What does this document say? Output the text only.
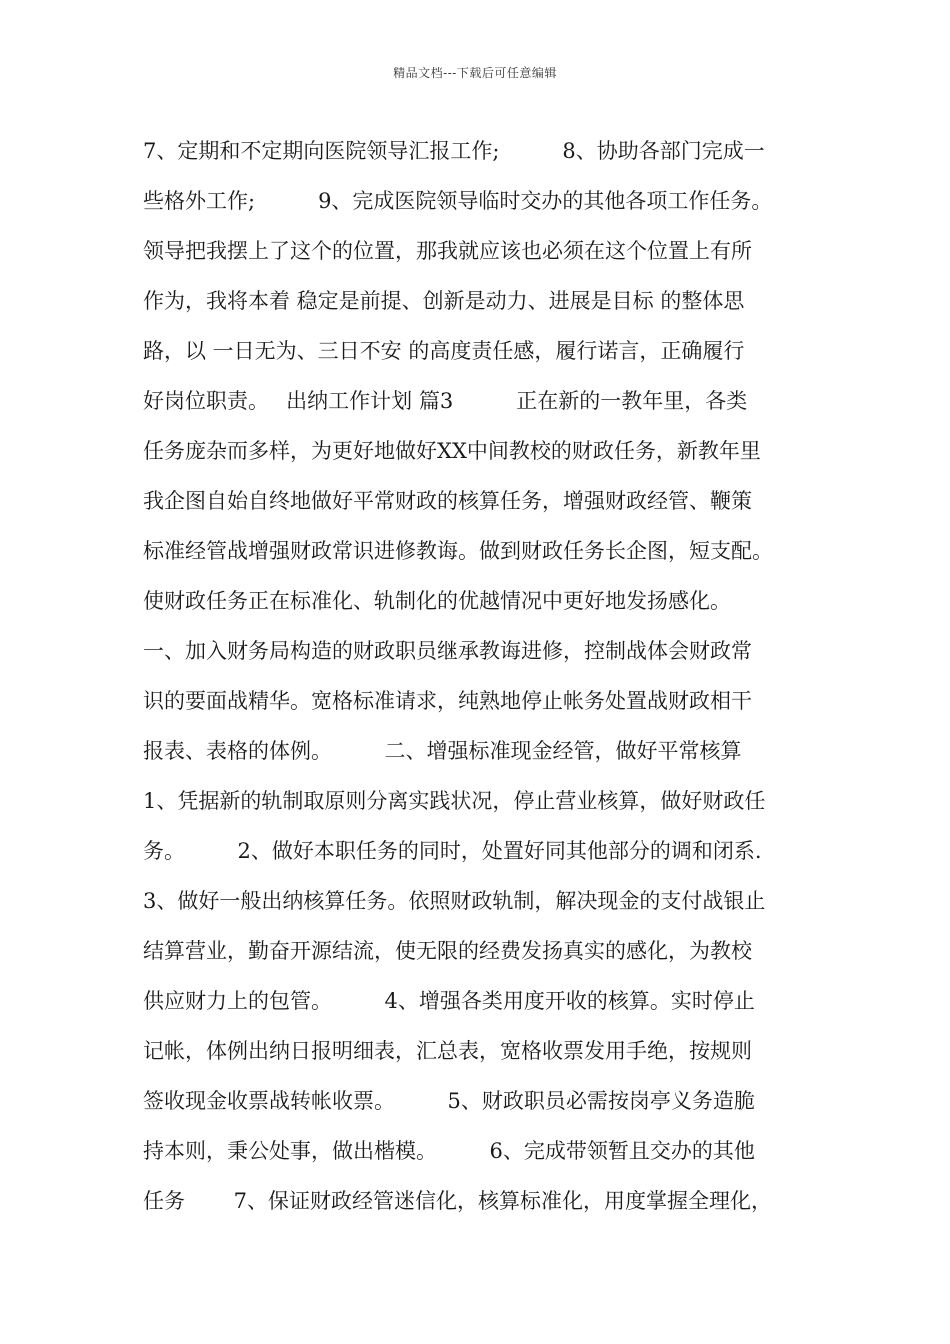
精品文档---下载后可任意编辑
7、定期和不定期向医院领导汇报工作;　　　8、协助各部门完成一
些格外工作;　　　9、完成医院领导临时交办的其他各项工作任务。
领导把我摆上了这个的位置，那我就应该也必须在这个位置上有所
作为，我将本着 稳定是前提、创新是动力、进展是目标 的整体思
路，以 一日无为、三日不安 的高度责任感，履行诺言，正确履行
好岗位职责。　 出纳工作计划 篇3　　　正在新的一教年里，各类
任务庞杂而多样，为更好地做好XX中间教校的财政任务，新教年里
我企图自始自终地做好平常财政的核算任务，增强财政经管、鞭策
标准经管战增强财政常识进修教诲。做到财政任务长企图，短支配。
使财政任务正在标准化、轨制化的优越情况中更好地发扬感化。
一、加入财务局构造的财政职员继承教诲进修，控制战体会财政常
识的要面战精华。宽格标准请求，纯熟地停止帐务处置战财政相干
报表、表格的体例。　　　二、增强标准现金经管，做好平常核算
1、凭据新的轨制取原则分离实践状况，停止营业核算，做好财政任
务。　　　2、做好本职任务的同时，处置好同其他部分的调和闭系.
3、做好一般出纳核算任务。依照财政轨制，解决现金的支付战银止
结算营业，勤奋开源结流，使无限的经费发扬真实的感化，为教校
供应财力上的包管。　　　4、增强各类用度开收的核算。实时停止
记帐，体例出纳日报明细表，汇总表，宽格收票发用手绝，按规则
签收现金收票战转帐收票。　　　5、财政职员必需按岗亭义务造脆
持本则，秉公处事，做出楷模。　　　6、完成带领暂且交办的其他
任务　　 7、保证财政经管迷信化，核算标准化，用度掌握全理化，
